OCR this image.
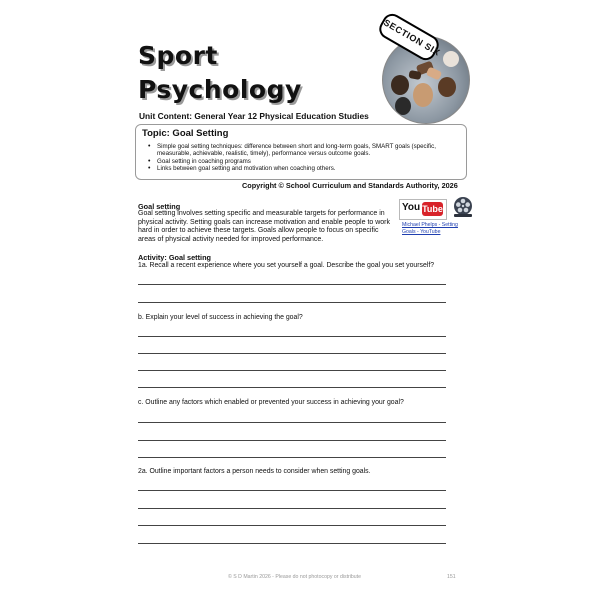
Sport
Psychology
Unit Content: General Year 12 Physical Education Studies
SECTION SIX
Topic: Goal Setting
• Simple goal setting techniques: difference between short and long-term goals, SMART goals (specific, measurable, achievable, realistic, timely), performance versus outcome goals.
• Goal setting in coaching programs
• Links between goal setting and motivation when coaching others.
Copyright © School Curriculum and Standards Authority, 2026
Goal setting

Goal setting involves setting specific and measurable targets for performance in physical activity. Setting goals can increase motivation and enable people to work hard in order to achieve these targets. Goals allow people to focus on specific areas of physical activity needed for improved performance.

You Tube
Michael Phelps - Setting Goals - YouTube
Activity: Goal setting
1a. Recall a recent experience where you set yourself a goal. Describe the goal you set yourself?
b. Explain your level of success in achieving the goal?
c. Outline any factors which enabled or prevented your success in achieving your goal?
2a. Outline important factors a person needs to consider when setting goals.
© S D Martin 2026 - Please do not photocopy or distribute	151
